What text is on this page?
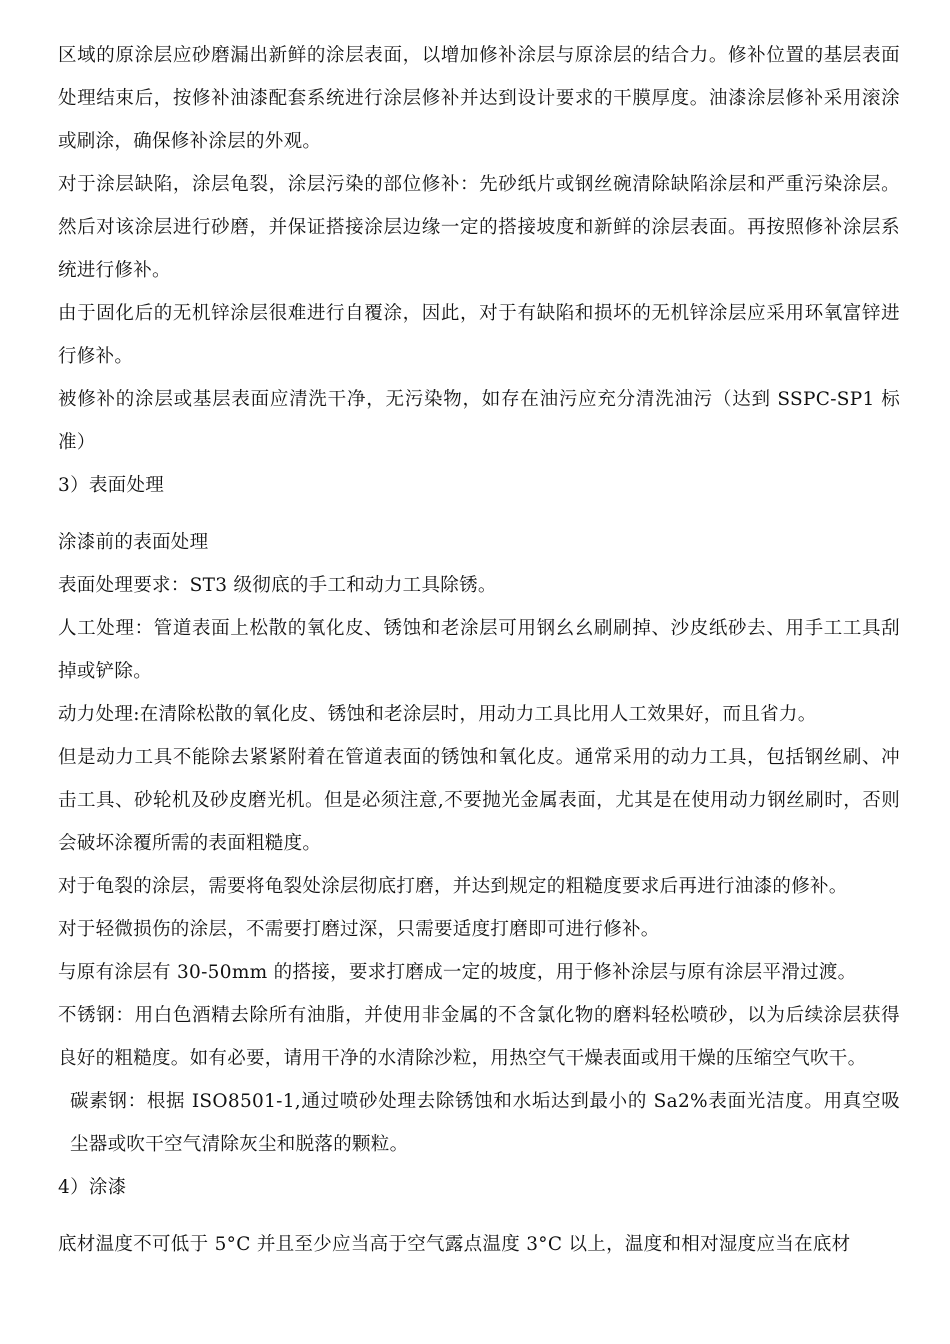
区域的原涂层应砂磨漏出新鲜的涂层表面，以增加修补涂层与原涂层的结合力。修补位置的基层表面处理结束后，按修补油漆配套系统进行涂层修补并达到设计要求的干膜厚度。油漆涂层修补采用滚涂或刷涂，确保修补涂层的外观。

对于涂层缺陷，涂层龟裂，涂层污染的部位修补：先砂纸片或钢丝碗清除缺陷涂层和严重污染涂层。然后对该涂层进行砂磨，并保证搭接涂层边缘一定的搭接坡度和新鲜的涂层表面。再按照修补涂层系统进行修补。

由于固化后的无机锌涂层很难进行自覆涂，因此，对于有缺陷和损坏的无机锌涂层应采用环氧富锌进行修补。

被修补的涂层或基层表面应清洗干净，无污染物，如存在油污应充分清洗油污（达到 SSPC-SP1 标准）

3）表面处理

涂漆前的表面处理

表面处理要求：ST3 级彻底的手工和动力工具除锈。

人工处理：管道表面上松散的氧化皮、锈蚀和老涂层可用钢幺幺刷刷掉、沙皮纸砂去、用手工工具刮掉或铲除。

动力处理:在清除松散的氧化皮、锈蚀和老涂层时，用动力工具比用人工效果好，而且省力。

但是动力工具不能除去紧紧附着在管道表面的锈蚀和氧化皮。通常采用的动力工具，包括钢丝刷、冲击工具、砂轮机及砂皮磨光机。但是必须注意,不要抛光金属表面，尤其是在使用动力钢丝刷时，否则会破坏涂覆所需的表面粗糙度。

对于龟裂的涂层，需要将龟裂处涂层彻底打磨，并达到规定的粗糙度要求后再进行油漆的修补。

对于轻微损伤的涂层，不需要打磨过深，只需要适度打磨即可进行修补。

与原有涂层有 30-50mm 的搭接，要求打磨成一定的坡度，用于修补涂层与原有涂层平滑过渡。

不锈钢：用白色酒精去除所有油脂，并使用非金属的不含氯化物的磨料轻松喷砂，以为后续涂层获得良好的粗糙度。如有必要，请用干净的水清除沙粒，用热空气干燥表面或用干燥的压缩空气吹干。

碳素钢：根据 ISO8501-1,通过喷砂处理去除锈蚀和水垢达到最小的 Sa2%表面光洁度。用真空吸尘器或吹干空气清除灰尘和脱落的颗粒。

4）涂漆

底材温度不可低于 5°C 并且至少应当高于空气露点温度 3°C 以上，温度和相对湿度应当在底材
